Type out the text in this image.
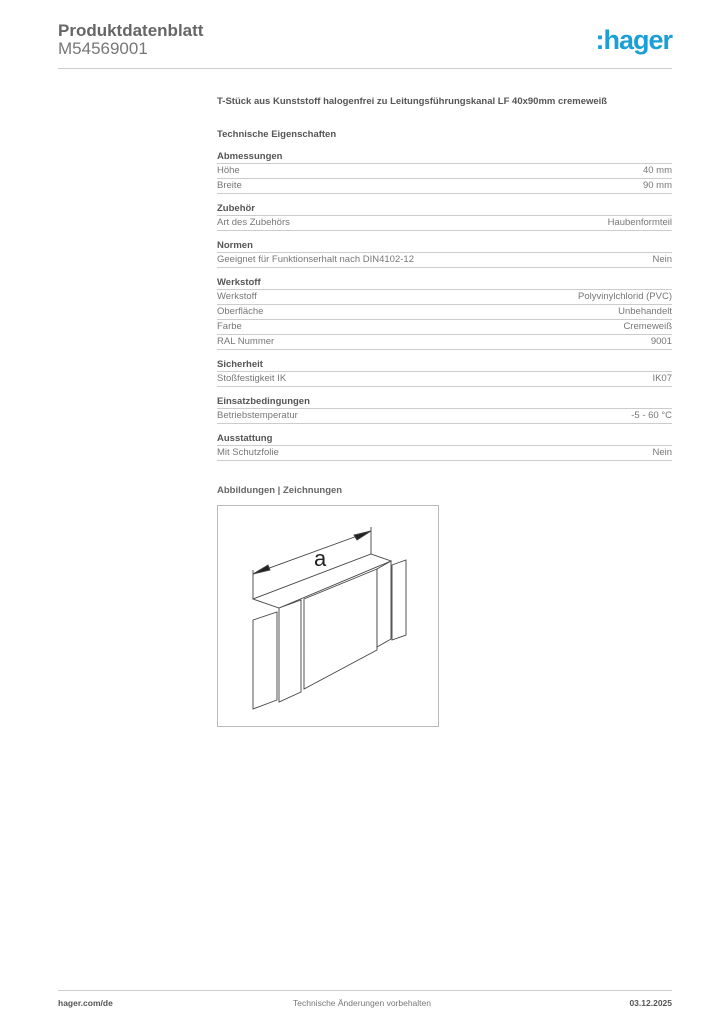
Produktdatenblatt
M54569001	:hager
T-Stück aus Kunststoff halogenfrei zu Leitungsführungskanal LF 40x90mm cremeweiß
Technische Eigenschaften
Abmessungen
Höhe	40 mm
Breite	90 mm
Zubehör
Art des Zubehörs	Haubenformteil
Normen
Geeignet für Funktionserhalt nach DIN4102-12	Nein
Werkstoff
Werkstoff	Polyvinylchlorid (PVC)
Oberfläche	Unbehandelt
Farbe	Cremeweiß
RAL Nummer	9001
Sicherheit
Stoßfestigkeit IK	IK07
Einsatzbedingungen
Betriebstemperatur	-5 - 60 °C
Ausstattung
Mit Schutzfolie	Nein
Abbildungen | Zeichnungen
a
hager.com/de	Technische Änderungen vorbehalten	03.12.2025
